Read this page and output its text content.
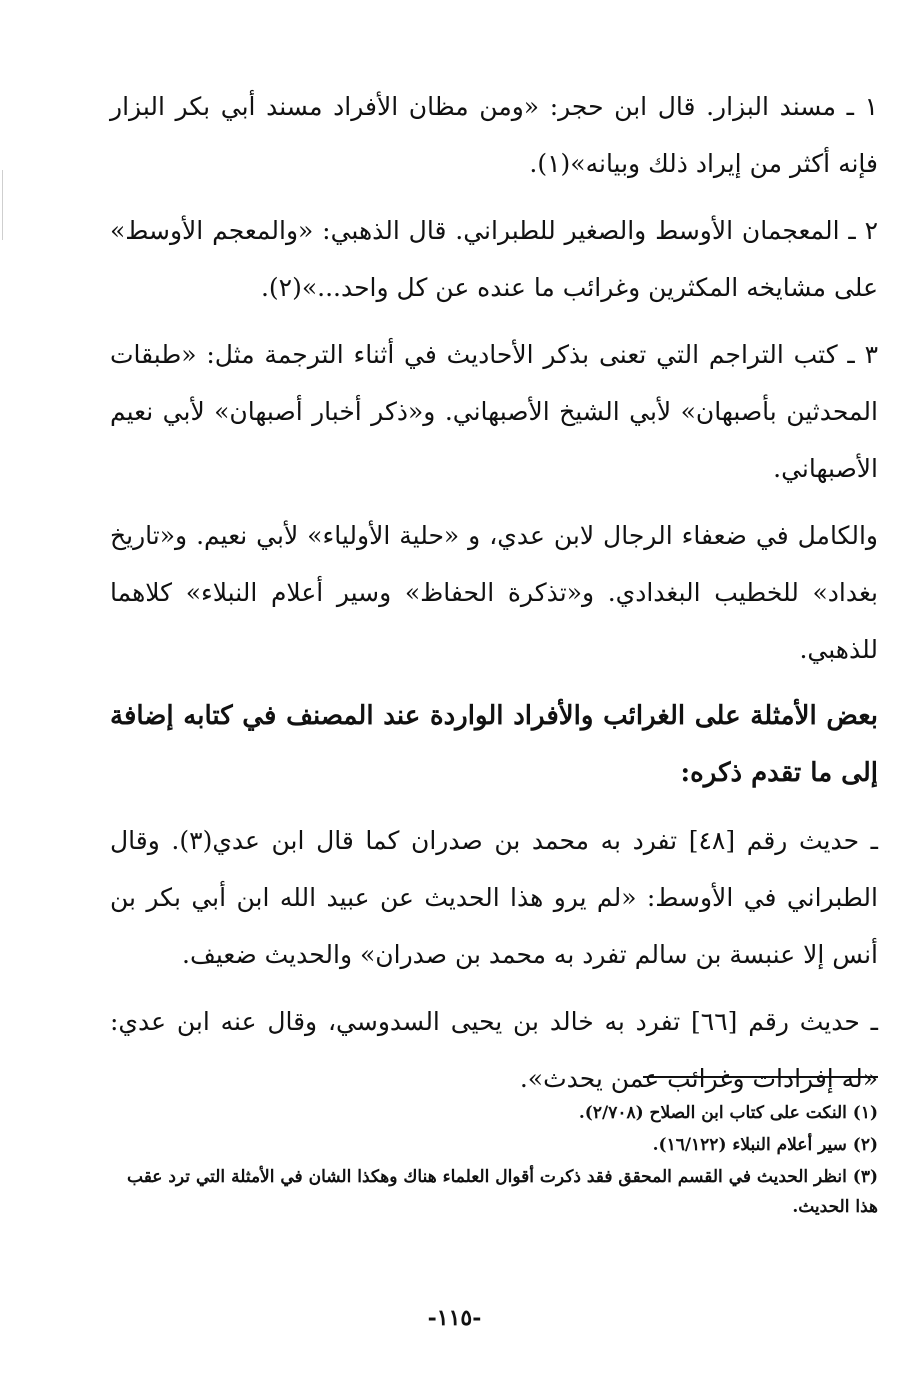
١ ـ مسند البزار. قال ابن حجر: «ومن مظان الأفراد مسند أبي بكر البزار فإنه أكثر من إيراد ذلك وبيانه»(١).

٢ ـ المعجمان الأوسط والصغير للطبراني. قال الذهبي: «والمعجم الأوسط» على مشايخه المكثرين وغرائب ما عنده عن كل واحد...»(٢).

٣ ـ كتب التراجم التي تعنى بذكر الأحاديث في أثناء الترجمة مثل: «طبقات المحدثين بأصبهان» لأبي الشيخ الأصبهاني. و«ذكر أخبار أصبهان» لأبي نعيم الأصبهاني.

والكامل في ضعفاء الرجال لابن عدي، و «حلية الأولياء» لأبي نعيم. و«تاريخ بغداد» للخطيب البغدادي. و«تذكرة الحفاظ» وسير أعلام النبلاء» كلاهما للذهبي.

بعض الأمثلة على الغرائب والأفراد الواردة عند المصنف في كتابه إضافة إلى ما تقدم ذكره:

ـ حديث رقم [٤٨] تفرد به محمد بن صدران كما قال ابن عدي(٣). وقال الطبراني في الأوسط: «لم يرو هذا الحديث عن عبيد الله ابن أبي بكر بن أنس إلا عنبسة بن سالم تفرد به محمد بن صدران» والحديث ضعيف.

ـ حديث رقم [٦٦] تفرد به خالد بن يحيى السدوسي، وقال عنه ابن عدي: «له إفرادات وغرائب عمن يحدث».

(١) النكت على كتاب ابن الصلاح (٢/٧٠٨).

(٢) سير أعلام النبلاء (١٦/١٢٢).

(٣) انظر الحديث في القسم المحقق فقد ذكرت أقوال العلماء هناك وهكذا الشان في الأمثلة التي ترد عقب هذا الحديث.

-١١٥-
